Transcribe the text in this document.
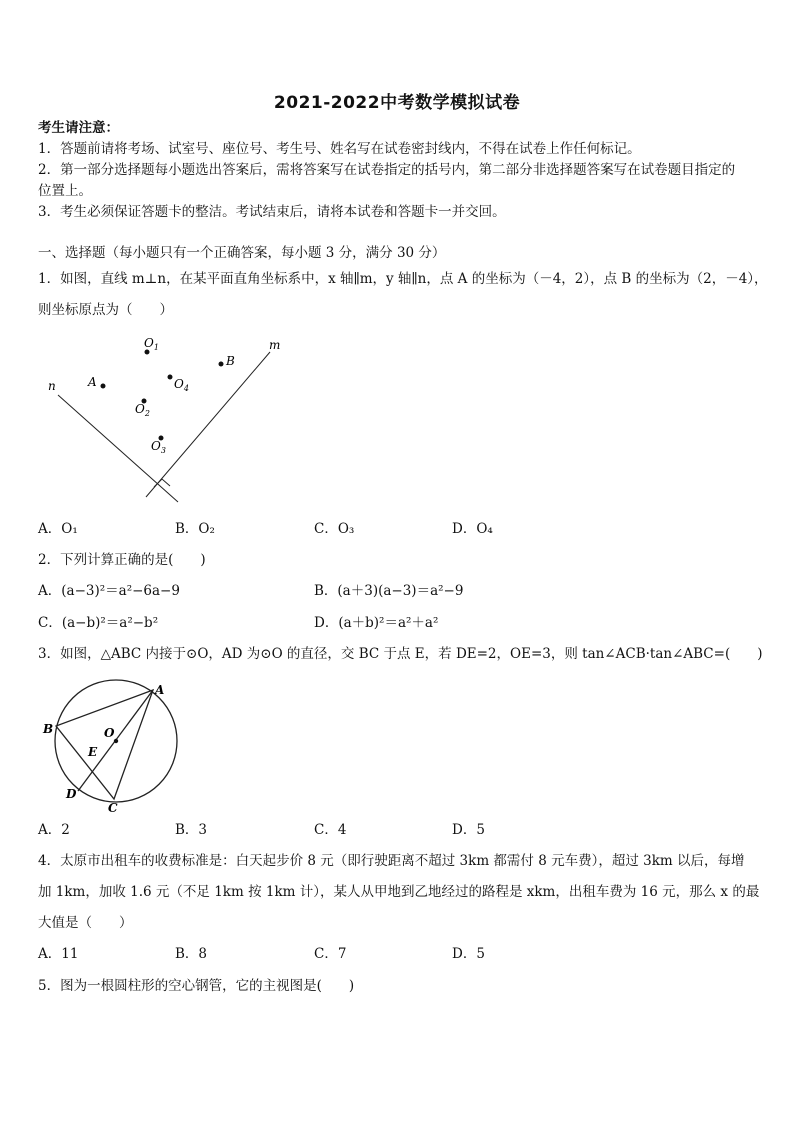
2021-2022中考数学模拟试卷
考生请注意：
1．答题前请将考场、试室号、座位号、考生号、姓名写在试卷密封线内，不得在试卷上作任何标记。
2．第一部分选择题每小题选出答案后，需将答案写在试卷指定的括号内，第二部分非选择题答案写在试卷题目指定的
位置上。
3．考生必须保证答题卡的整洁。考试结束后，请将本试卷和答题卡一并交回。
一、选择题（每小题只有一个正确答案，每小题 3 分，满分 30 分）
1．如图，直线 m⊥n，在某平面直角坐标系中，x 轴∥m，y 轴∥n，点 A 的坐标为（－4，2），点 B 的坐标为（2，－4），
则坐标原点为（　　）
n
m
A
B
$O_1$
$O_4$
$O_2$
$O_3$
A．O₁	B．O₂	C．O₃	D．O₄
2．下列计算正确的是(　　)
A．(a−3)²＝a²−6a−9	B．(a＋3)(a−3)＝a²−9
C．(a−b)²＝a²−b²	D．(a＋b)²＝a²＋a²
3．如图，△ABC 内接于⊙O，AD 为⊙O 的直径，交 BC 于点 E，若 DE=2，OE=3，则 tan∠ACB·tan∠ABC=(　　)
A
B
C
D
E
O
A．2	B．3	C．4	D．5
4．太原市出租车的收费标准是：白天起步价 8 元（即行驶距离不超过 3km 都需付 8 元车费），超过 3km 以后，每增
加 1km，加收 1.6 元（不足 1km 按 1km 计），某人从甲地到乙地经过的路程是 xkm，出租车费为 16 元，那么 x 的最
大值是（　　）
A．11	B．8	C．7	D．5
5．图为一根圆柱形的空心钢管，它的主视图是(　　)
